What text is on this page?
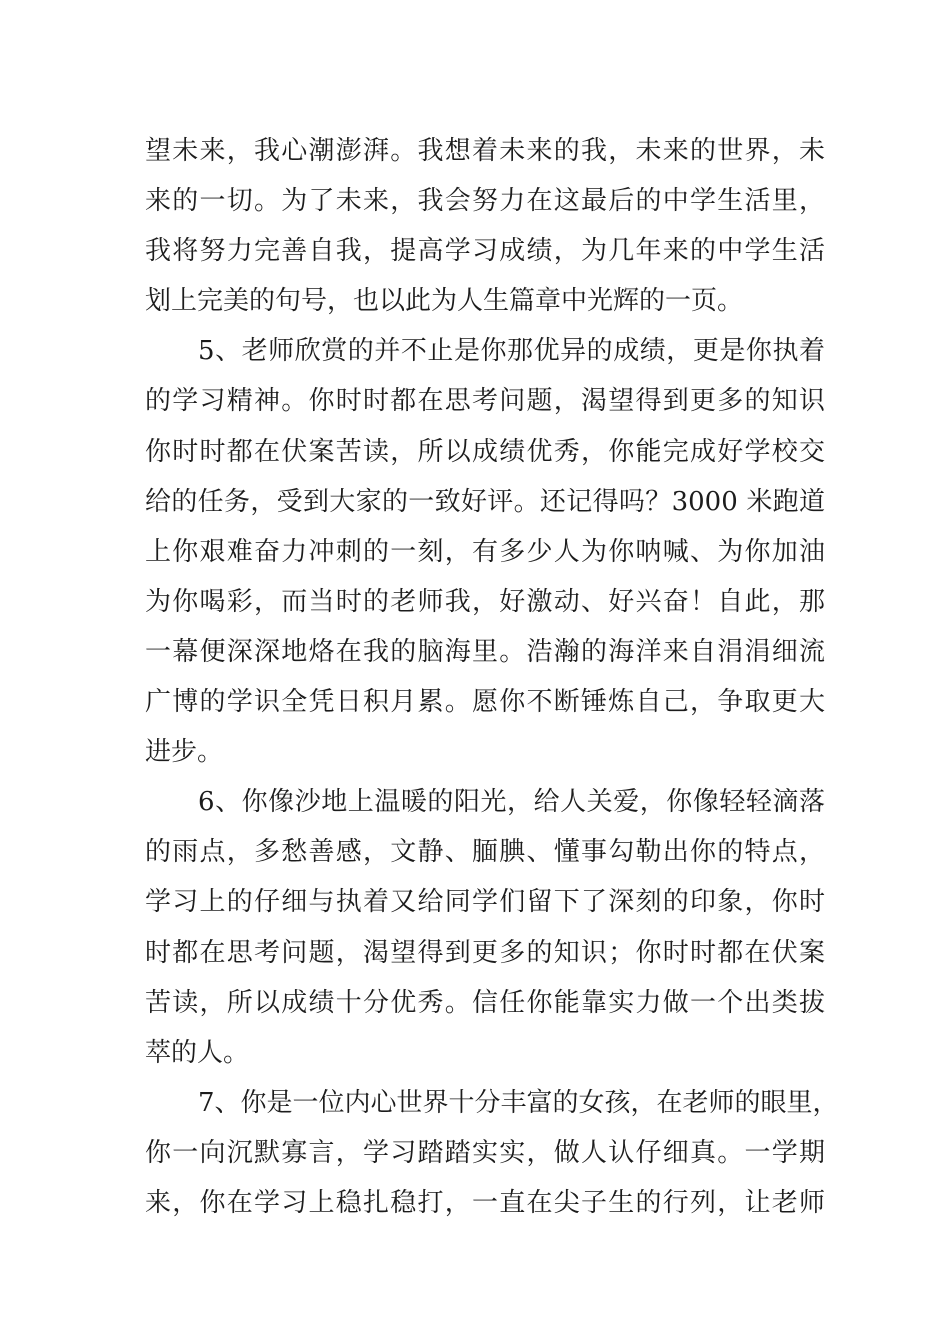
望未来，我心潮澎湃。我想着未来的我，未来的世界，未
来的一切。为了未来，我会努力在这最后的中学生活里，
我将努力完善自我，提高学习成绩，为几年来的中学生活
划上完美的句号，也以此为人生篇章中光辉的一页。
5、老师欣赏的并不止是你那优异的成绩，更是你执着
的学习精神。你时时都在思考问题，渴望得到更多的知识
你时时都在伏案苦读，所以成绩优秀，你能完成好学校交
给的任务，受到大家的一致好评。还记得吗？3000 米跑道
上你艰难奋力冲刺的一刻，有多少人为你呐喊、为你加油
为你喝彩，而当时的老师我，好激动、好兴奋！自此，那
一幕便深深地烙在我的脑海里。浩瀚的海洋来自涓涓细流
广博的学识全凭日积月累。愿你不断锤炼自己，争取更大
进步。
6、你像沙地上温暖的阳光，给人关爱，你像轻轻滴落
的雨点，多愁善感，文静、腼腆、懂事勾勒出你的特点，
学习上的仔细与执着又给同学们留下了深刻的印象，你时
时都在思考问题，渴望得到更多的知识；你时时都在伏案
苦读，所以成绩十分优秀。信任你能靠实力做一个出类拔
萃的人。
7、你是一位内心世界十分丰富的女孩，在老师的眼里，
你一向沉默寡言，学习踏踏实实，做人认仔细真。一学期
来，你在学习上稳扎稳打，一直在尖子生的行列，让老师
